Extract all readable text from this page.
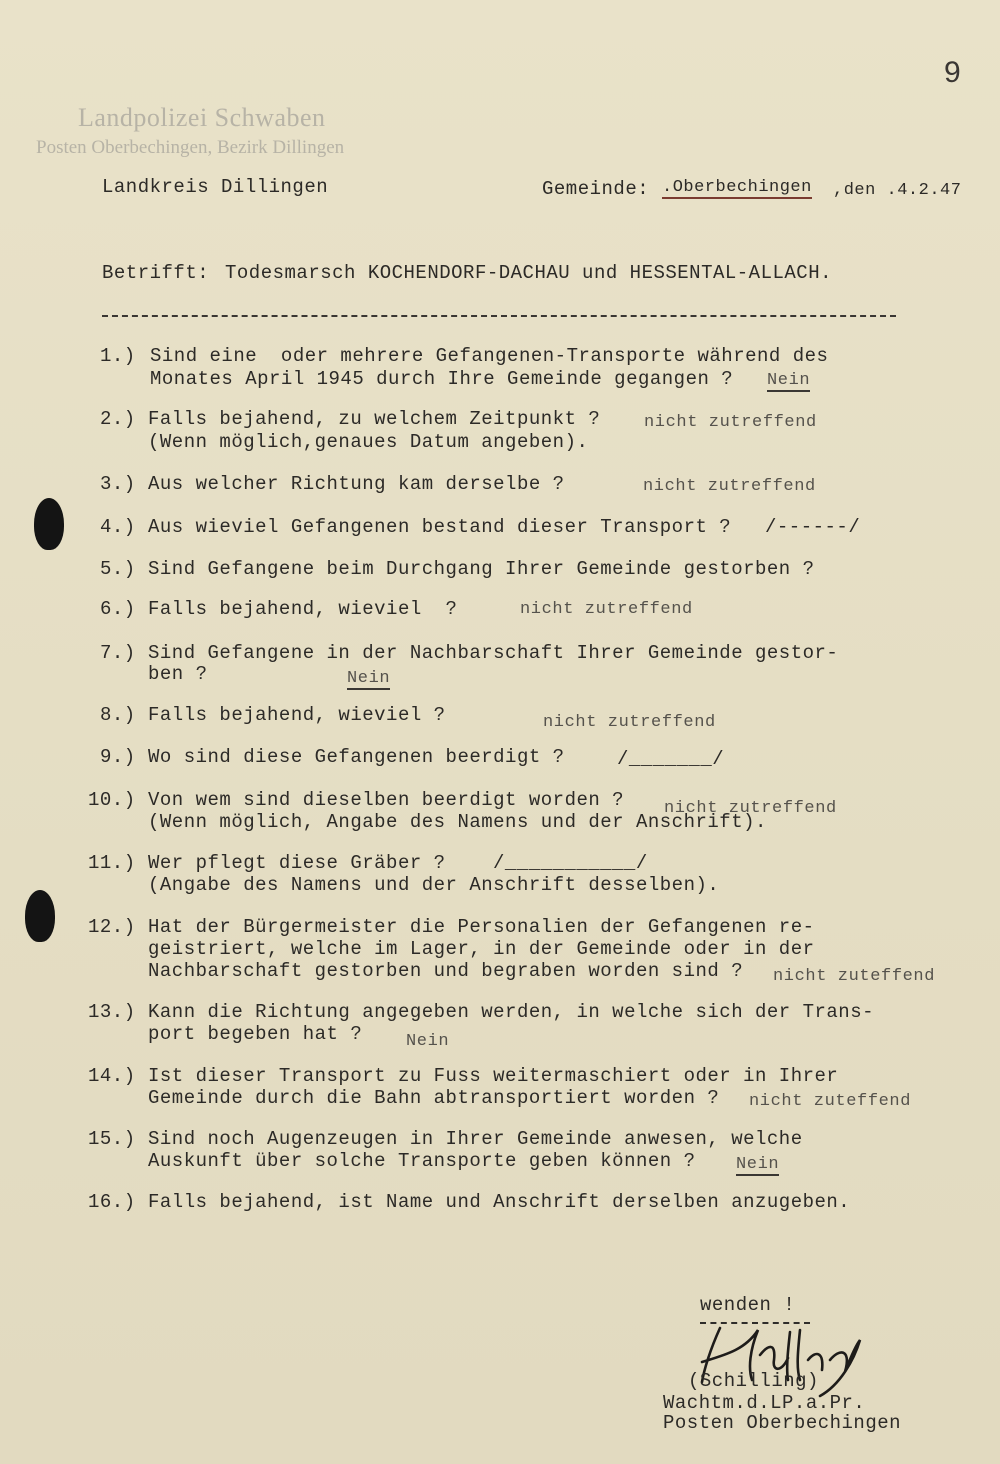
9
Landpolizei Schwaben
Posten Oberbechingen, Bezirk Dillingen
Landkreis Dillingen	Gemeinde: .Oberbechingen ,den .4.2.47
Betrifft: Todesmarsch KOCHENDORF-DACHAU und HESSENTAL-ALLACH.
1.) Sind eine  oder mehrere Gefangenen-Transporte während des
Monates April 1945 durch Ihre Gemeinde gegangen ? Nein
2.) Falls bejahend, zu welchem Zeitpunkt ?
(Wenn möglich,genaues Datum angeben).
nicht zutreffend
3.) Aus welcher Richtung kam derselbe ?	nicht zutreffend
4.) Aus wieviel Gefangenen bestand dieser Transport ? /------/
5.) Sind Gefangene beim Durchgang Ihrer Gemeinde gestorben ?
6.) Falls bejahend, wieviel  ?	nicht zutreffend
7.) Sind Gefangene in der Nachbarschaft Ihrer Gemeinde gestor-
ben ?	Nein
8.) Falls bejahend, wieviel ?	nicht zutreffend
9.) Wo sind diese Gefangenen beerdigt ?	/_______/
10.) Von wem sind dieselben beerdigt worden ?
(Wenn möglich, Angabe des Namens und der Anschrift).
nicht zutreffend
11.) Wer pflegt diese Gräber ?
(Angabe des Namens und der Anschrift desselben).
/___________/
12.) Hat der Bürgermeister die Personalien der Gefangenen re-
geistriert, welche im Lager, in der Gemeinde oder in der
Nachbarschaft gestorben und begraben worden sind ? nicht zuteffend
13.) Kann die Richtung angegeben werden, in welche sich der Trans-
port begeben hat ?	Nein
14.) Ist dieser Transport zu Fuss weitermaschiert oder in Ihrer
Gemeinde durch die Bahn abtransportiert worden ? nicht zuteffend
15.) Sind noch Augenzeugen in Ihrer Gemeinde anwesen, welche
Auskunft über solche Transporte geben können ? Nein
16.) Falls bejahend, ist Name und Anschrift derselben anzugeben.
wenden !
(Schilling)
Wachtm.d.LP.a.Pr.
Posten Oberbechingen
